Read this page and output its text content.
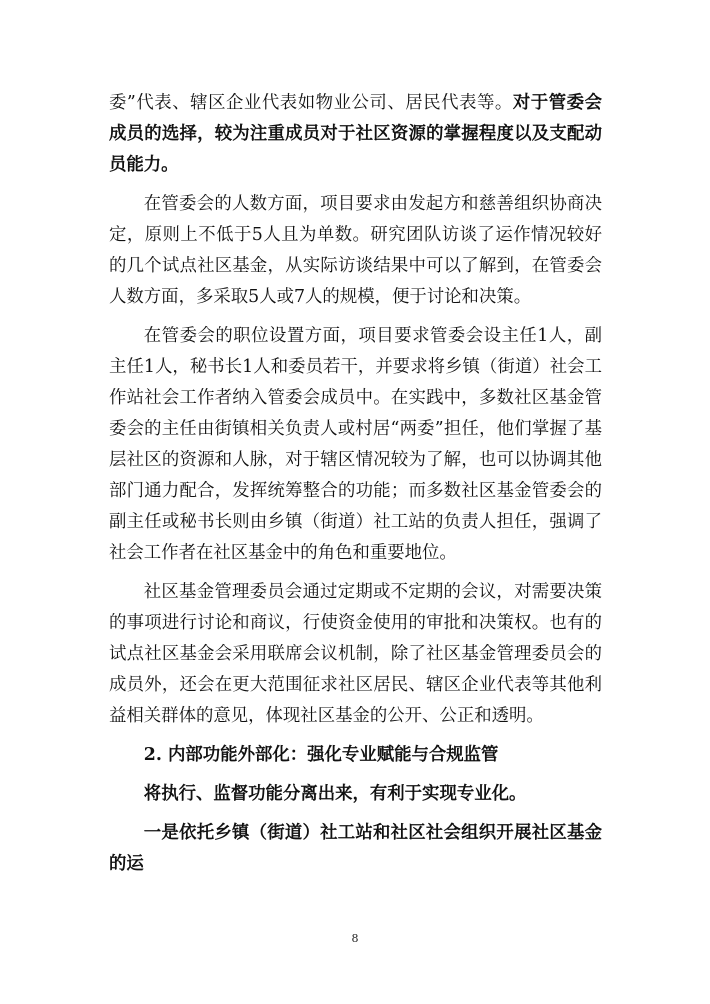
委”代表、辖区企业代表如物业公司、居民代表等。对于管委会成员的选择，较为注重成员对于社区资源的掌握程度以及支配动员能力。

在管委会的人数方面，项目要求由发起方和慈善组织协商决定，原则上不低于5人且为单数。研究团队访谈了运作情况较好的几个试点社区基金，从实际访谈结果中可以了解到，在管委会人数方面，多采取5人或7人的规模，便于讨论和决策。

在管委会的职位设置方面，项目要求管委会设主任1人，副主任1人，秘书长1人和委员若干，并要求将乡镇（街道）社会工作站社会工作者纳入管委会成员中。在实践中，多数社区基金管委会的主任由街镇相关负责人或村居“两委”担任，他们掌握了基层社区的资源和人脉，对于辖区情况较为了解，也可以协调其他部门通力配合，发挥统筹整合的功能；而多数社区基金管委会的副主任或秘书长则由乡镇（街道）社工站的负责人担任，强调了社会工作者在社区基金中的角色和重要地位。

社区基金管理委员会通过定期或不定期的会议，对需要决策的事项进行讨论和商议，行使资金使用的审批和决策权。也有的试点社区基金会采用联席会议机制，除了社区基金管理委员会的成员外，还会在更大范围征求社区居民、辖区企业代表等其他利益相关群体的意见，体现社区基金的公开、公正和透明。

2. 内部功能外部化：强化专业赋能与合规监管

将执行、监督功能分离出来，有利于实现专业化。

一是依托乡镇（街道）社工站和社区社会组织开展社区基金的运

8
